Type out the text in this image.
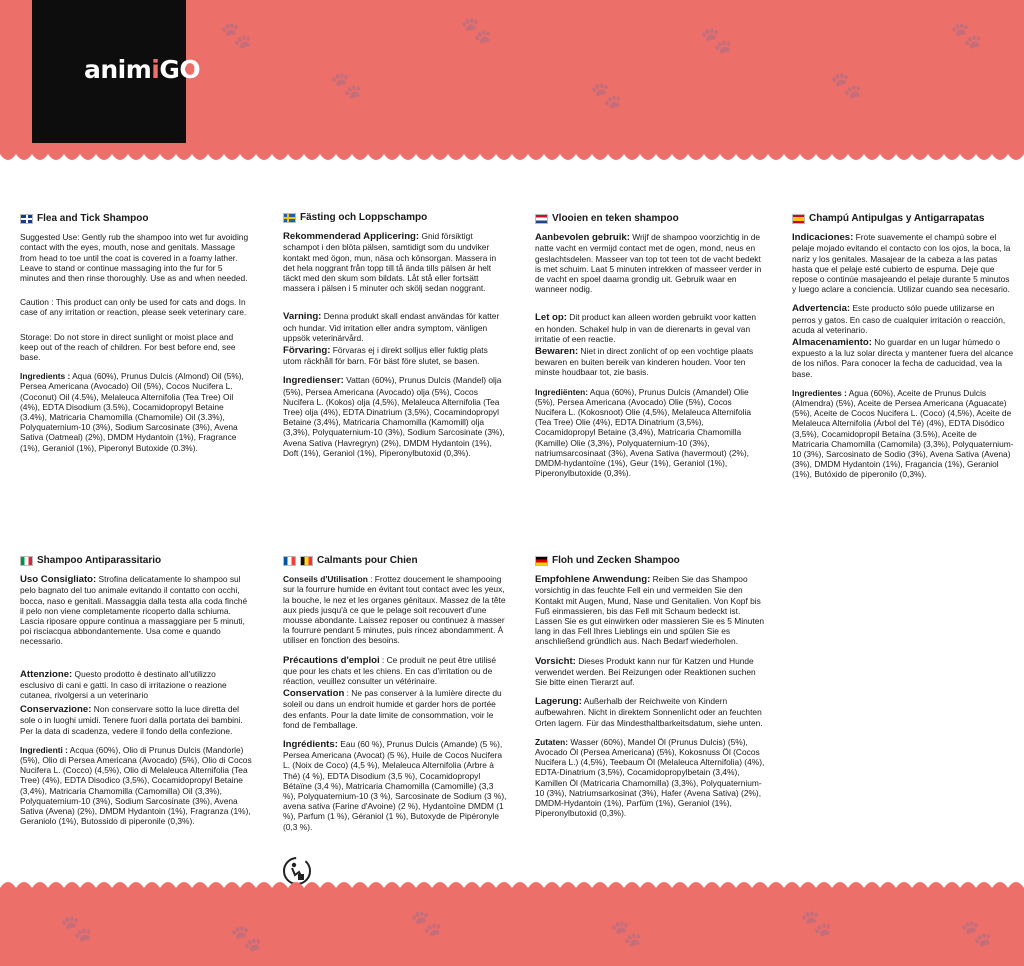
🐾
🐾
🐾
🐾
🐾
🐾
🐾
animiGO
Flea and Tick Shampoo

Suggested Use: Gently rub the shampoo into wet fur avoiding contact with the eyes, mouth, nose and genitals. Massage from head to toe until the coat is covered in a foamy lather. Leave to stand or continue massaging into the fur for 5 minutes and then rinse thoroughly. Use as and when needed.

Caution : This product can only be used for cats and dogs. In case of any irritation or reaction, please seek veterinary care.

Storage: Do not store in direct sunlight or moist place and keep out of the reach of children. For best before end, see base.

Ingredients : Aqua (60%), Prunus Dulcis (Almond) Oil (5%), Persea Americana (Avocado) Oil (5%), Cocos Nucifera L. (Coconut) Oil (4.5%), Melaleuca Alternifolia (Tea Tree) Oil (4%), EDTA Disodium (3.5%), Cocamidopropyl Betaine (3.4%), Matricaria Chamomilla (Chamomile) Oil (3.3%), Polyquaternium-10 (3%), Sodium Sarcosinate (3%), Avena Sativa (Oatmeal) (2%), DMDM Hydantoin (1%), Fragrance (1%), Geraniol (1%), Piperonyl Butoxide (0.3%).

Fästing och Loppschampo

Rekommenderad Applicering: Gnid försiktigt schampot i den blöta pälsen, samtidigt som du undviker kontakt med ögon, mun, näsa och könsorgan. Massera in det hela noggrant från topp till tå ända tills pälsen är helt täckt med den skum som bildats. Låt stå eller fortsätt massera i pälsen i 5 minuter och skölj sedan noggrant.

Varning: Denna produkt skall endast användas för katter och hundar. Vid irritation eller andra symptom, vänligen uppsök veterinärvård.

Förvaring: Förvaras ej i direkt solljus eller fuktig plats utom räckhåll för barn. För bäst före slutet, se basen.

Ingredienser: Vattan (60%), Prunus Dulcis (Mandel) olja (5%), Persea Americana (Avocado) olja (5%), Cocos Nucifera L. (Kokos) olja (4,5%), Melaleuca Alternifolia (Tea Tree) olja (4%), EDTA Dinatrium (3,5%), Cocamindopropyl Betaine (3,4%), Matricaria Chamomilla (Kamomill) olja (3,3%), Polyquaternium-10 (3%), Sodium Sarcosinate (3%), Avena Sativa (Havregryn) (2%), DMDM Hydantoin (1%), Doft (1%), Geraniol (1%), Piperonylbutoxid (0,3%).

Vlooien en teken shampoo

Aanbevolen gebruik: Wrijf de shampoo voorzichtig in de natte vacht en vermijd contact met de ogen, mond, neus en geslachtsdelen. Masseer van top tot teen tot de vacht bedekt is met schuim. Laat 5 minuten intrekken of masseer verder in de vacht en spoel daarna grondig uit. Gebruik waar en wanneer nodig.

Let op: Dit product kan alleen worden gebruikt voor katten en honden. Schakel hulp in van de dierenarts in geval van irritatie of een reactie.

Bewaren: Niet in direct zonlicht of op een vochtige plaats bewaren en buiten bereik van kinderen houden. Voor ten minste houdbaar tot, zie basis.

Ingrediënten: Aqua (60%), Prunus Dulcis (Amandel) Olie (5%), Persea Americana (Avocado) Olie (5%), Cocos Nucifera L. (Kokosnoot) Olie (4,5%), Melaleuca Alternifolia (Tea Tree) Olie (4%), EDTA Dinatrium (3,5%), Cocamidopropyl Betaine (3,4%), Matricaria Chamomilla (Kamille) Olie (3,3%), Polyquaternium-10 (3%), natriumsarcosinaat (3%), Avena Sativa (havermout) (2%), DMDM-hydantoïne (1%), Geur (1%), Geraniol (1%), Piperonylbutoxide (0,3%).

Champú Antipulgas y Antigarrapatas

Indicaciones: Frote suavemente el champú sobre el pelaje mojado evitando el contacto con los ojos, la boca, la nariz y los genitales. Masajear de la cabeza a las patas hasta que el pelaje esté cubierto de espuma. Deje que repose o continúe masajeando el pelaje durante 5 minutos y luego aclare a conciencia. Utilizar cuando sea necesario.

Advertencia: Este producto sólo puede utilizarse en perros y gatos. En caso de cualquier irritación o reacción, acuda al veterinario.

Almacenamiento: No guardar en un lugar húmedo o expuesto a la luz solar directa y mantener fuera del alcance de los niños. Para conocer la fecha de caducidad, vea la base.

Ingredientes : Agua (60%), Aceite de Prunus Dulcis (Almendra) (5%), Aceite de Persea Americana (Aguacate) (5%), Aceite de Cocos Nucifera L. (Coco) (4,5%), Aceite de Melaleuca Alternifolia (Árbol del Té) (4%), EDTA Disódico (3,5%), Cocamidopropil Betaína (3.5%), Aceite de Matricaria Chamomilla (Camomila) (3,3%), Polyquaternium-10 (3%), Sarcosinato de Sodio (3%), Avena Sativa (Avena) (3%), DMDM Hydantoin (1%), Fragancia (1%), Geraniol (1%), Butóxido de piperonilo (0,3%).

Shampoo Antiparassitario

Uso Consigliato: Strofina delicatamente lo shampoo sul pelo bagnato del tuo animale evitando il contatto con occhi, bocca, naso e genitali. Massaggia dalla testa alla coda finché il pelo non viene completamente ricoperto dalla schiuma. Lascia riposare oppure continua a massaggiare per 5 minuti, poi risciacqua abbondantemente. Usa come e quando necessario.

Attenzione: Questo prodotto è destinato all'utilizzo esclusivo di cani e gatti. In caso di irritazione o reazione cutanea, rivolgersi a un veterinario

Conservazione: Non conservare sotto la luce diretta del sole o in luoghi umidi. Tenere fuori dalla portata dei bambini. Per la data di scadenza, vedere il fondo della confezione.

Ingredienti : Acqua (60%), Olio di Prunus Dulcis (Mandorle) (5%), Olio di Persea Americana (Avocado) (5%), Olio di Cocos Nucifera L. (Cocco) (4,5%), Olio di Melaleuca Alternifolia (Tea Tree) (4%), EDTA Disodico (3,5%), Cocamidopropyl Betaine (3,4%), Matricaria Chamomilla (Camomilla) Oil (3,3%), Polyquaternium-10 (3%), Sodium Sarcosinate (3%), Avena Sativa (Avena) (2%), DMDM Hydantoin (1%), Fragranza (1%), Geraniolo (1%), Butossido di piperonile (0,3%).

Calmants pour Chien

Conseils d'Utilisation : Frottez doucement le shampooing sur la fourrure humide en évitant tout contact avec les yeux, la bouche, le nez et les organes génitaux. Massez de la tête aux pieds jusqu'à ce que le pelage soit recouvert d'une mousse abondante. Laissez reposer ou continuez à masser la fourrure pendant 5 minutes, puis rincez abondamment. À utiliser en fonction des besoins.

Précautions d'emploi : Ce produit ne peut être utilisé que pour les chats et les chiens. En cas d'irritation ou de réaction, veuillez consulter un vétérinaire.

Conservation : Ne pas conserver à la lumière directe du soleil ou dans un endroit humide et garder hors de portée des enfants. Pour la date limite de consommation, voir le fond de l'emballage.

Ingrédients: Eau (60 %), Prunus Dulcis (Amande) (5 %), Persea Americana (Avocat) (5 %), Huile de Cocos Nucifera L. (Noix de Coco) (4,5 %), Melaleuca Alternifolia (Arbre à Thé) (4 %), EDTA Disodium (3,5 %), Cocamidopropyl Bétaïne (3,4 %), Matricaria Chamomilla (Camomille) (3,3 %), Polyquaternium-10 (3 %), Sarcosinate de Sodium (3 %), avena sativa (Farine d'Avoine) (2 %), Hydantoïne DMDM (1 %), Parfum (1 %), Géraniol (1 %), Butoxyde de Pipéronyle (0,3 %).

Floh und Zecken Shampoo

Empfohlene Anwendung: Reiben Sie das Shampoo vorsichtig in das feuchte Fell ein und vermeiden Sie den Kontakt mit Augen, Mund, Nase und Genitalien. Von Kopf bis Fuß einmassieren, bis das Fell mit Schaum bedeckt ist. Lassen Sie es gut einwirken oder massieren Sie es 5 Minuten lang in das Fell Ihres Lieblings ein und spülen Sie es anschließend gründlich aus. Nach Bedarf wiederholen.

Vorsicht: Dieses Produkt kann nur für Katzen und Hunde verwendet werden. Bei Reizungen oder Reaktionen suchen Sie bitte einen Tierarzt auf.

Lagerung: Außerhalb der Reichweite von Kindern aufbewahren. Nicht in direktem Sonnenlicht oder an feuchten Orten lagern. Für das Mindesthaltbarkeitsdatum, siehe unten.

Zutaten: Wasser (60%), Mandel Öl (Prunus Dulcis) (5%), Avocado Öl (Persea Americana) (5%), Kokosnuss Öl (Cocos Nucifera L.) (4,5%), Teebaum Öl (Melaleuca Alternifolia) (4%), EDTA-Dinatrium (3,5%), Cocamidopropylbetain (3,4%), Kamillen Öl (Matricaria Chamomilla) (3,3%), Polyquaternium-10 (3%), Natriumsarkosinat (3%), Hafer (Avena Sativa) (2%), DMDM-Hydantoin (1%), Parfüm (1%), Geraniol (1%), Piperonylbutoxid (0,3%).

🐾	🐾	🐾	🐾	🐾	🐾
